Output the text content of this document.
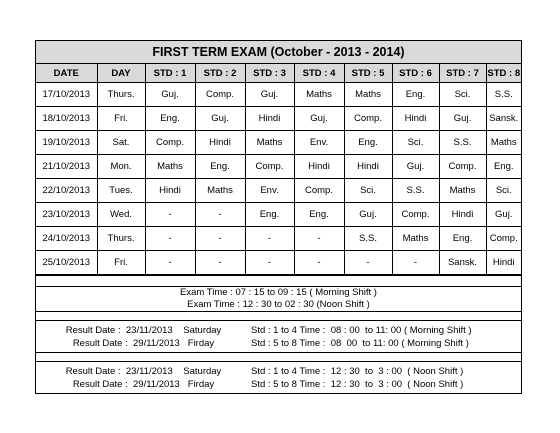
FIRST TERM EXAM (October - 2013 - 2014)
DATE	DAY	STD : 1	STD : 2	STD : 3	STD : 4	STD : 5	STD : 6	STD : 7	STD : 8
17/10/2013	Thurs.	Guj.	Comp.	Guj.	Maths	Maths	Eng.	Sci.	S.S.
18/10/2013	Fri.	Eng.	Guj.	Hindi	Guj.	Comp.	Hindi	Guj.	Sansk.
19/10/2013	Sat.	Comp.	Hindi	Maths	Env.	Eng.	Sci.	S.S.	Maths
21/10/2013	Mon.	Maths	Eng.	Comp.	Hindi	Hindi	Guj.	Comp.	Eng.
22/10/2013	Tues.	Hindi	Maths	Env.	Comp.	Sci.	S.S.	Maths	Sci.
23/10/2013	Wed.	-	-	Eng.	Eng.	Guj.	Comp.	Hindi	Guj.
24/10/2013	Thurs.	-	-	-	-	S.S.	Maths	Eng.	Comp.
25/10/2013	Fri.	-	-	-	-	-	-	Sansk.	Hindi
Exam Time : 07 : 15 to 09 : 15 ( Morning Shift )
Exam Time : 12 : 30 to 02 : 30 (Noon Shift )
Result Date :  23/11/2013    Saturday	Std : 1 to 4 Time :  08 : 00  to 11: 00 ( Morning Shift )
Result Date :  29/11/2013   Firday	Std : 5 to 8 Time :  08  00  to 11: 00 ( Morning Shift )
Result Date :  23/11/2013    Saturday	Std : 1 to 4 Time :  12 : 30  to  3 : 00  ( Noon Shift )
Result Date :  29/11/2013   Firday	Std : 5 to 8 Time :  12 : 30  to  3 : 00  ( Noon Shift )
